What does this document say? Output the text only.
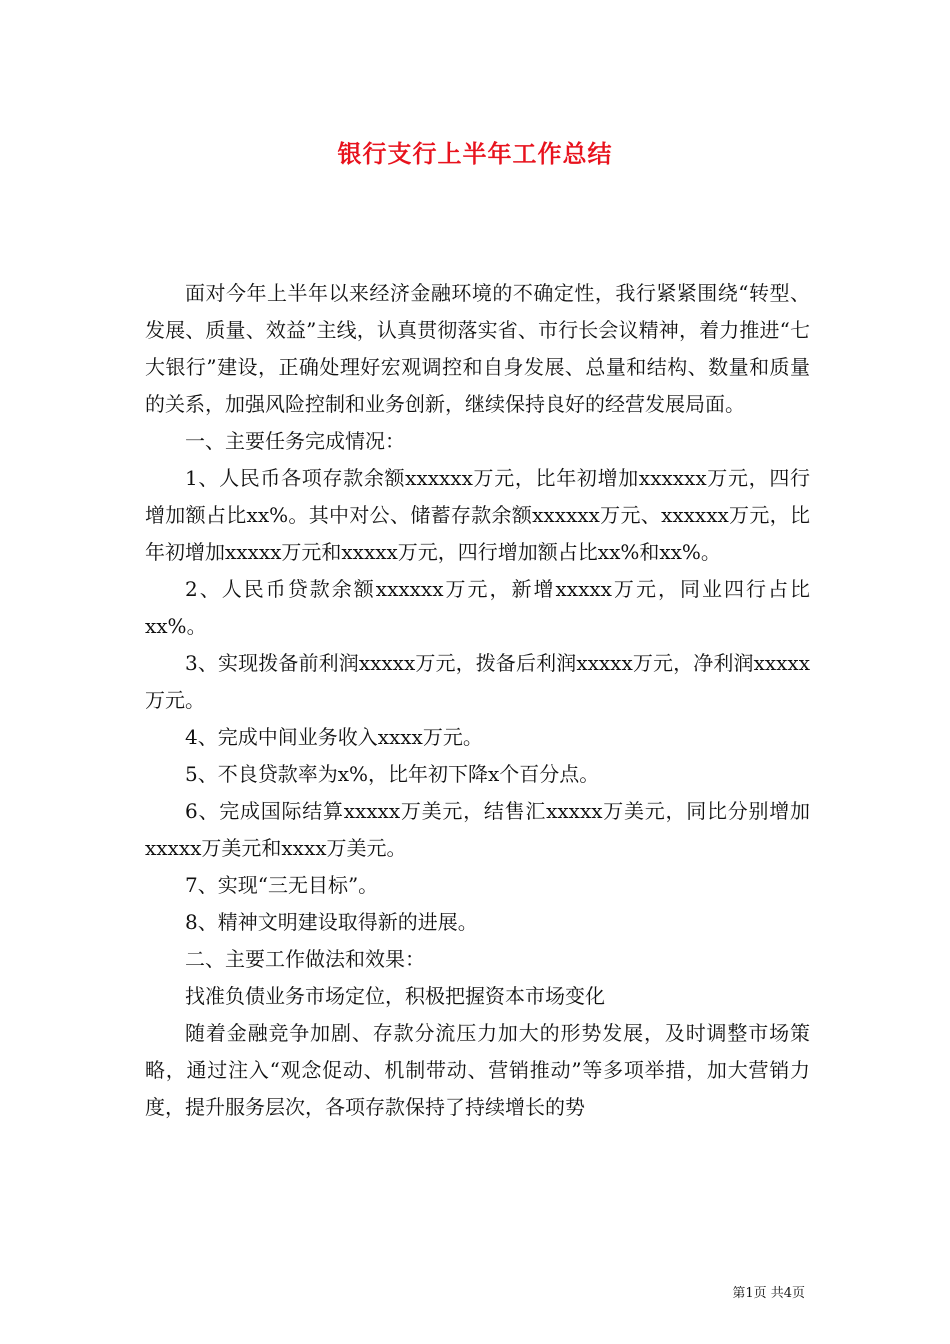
银行支行上半年工作总结

面对今年上半年以来经济金融环境的不确定性，我行紧紧围绕“转型、发展、质量、效益”主线，认真贯彻落实省、市行长会议精神，着力推进“七大银行”建设，正确处理好宏观调控和自身发展、总量和结构、数量和质量的关系，加强风险控制和业务创新，继续保持良好的经营发展局面。

一、主要任务完成情况：

1、人民币各项存款余额xxxxxx万元，比年初增加xxxxxx万元，四行增加额占比xx%。其中对公、储蓄存款余额xxxxxx万元、xxxxxx万元，比年初增加xxxxx万元和xxxxx万元，四行增加额占比xx%和xx%。

2、人民币贷款余额xxxxxx万元，新增xxxxx万元，同业四行占比xx%。

3、实现拨备前利润xxxxx万元，拨备后利润xxxxx万元，净利润xxxxx万元。

4、完成中间业务收入xxxx万元。

5、不良贷款率为x%，比年初下降x个百分点。

6、完成国际结算xxxxx万美元，结售汇xxxxx万美元，同比分别增加xxxxx万美元和xxxx万美元。

7、实现“三无目标”。

8、精神文明建设取得新的进展。

二、主要工作做法和效果：

找准负债业务市场定位，积极把握资本市场变化

随着金融竞争加剧、存款分流压力加大的形势发展，及时调整市场策略，通过注入“观念促动、机制带动、营销推动”等多项举措，加大营销力度，提升服务层次，各项存款保持了持续增长的势

第1页 共4页
